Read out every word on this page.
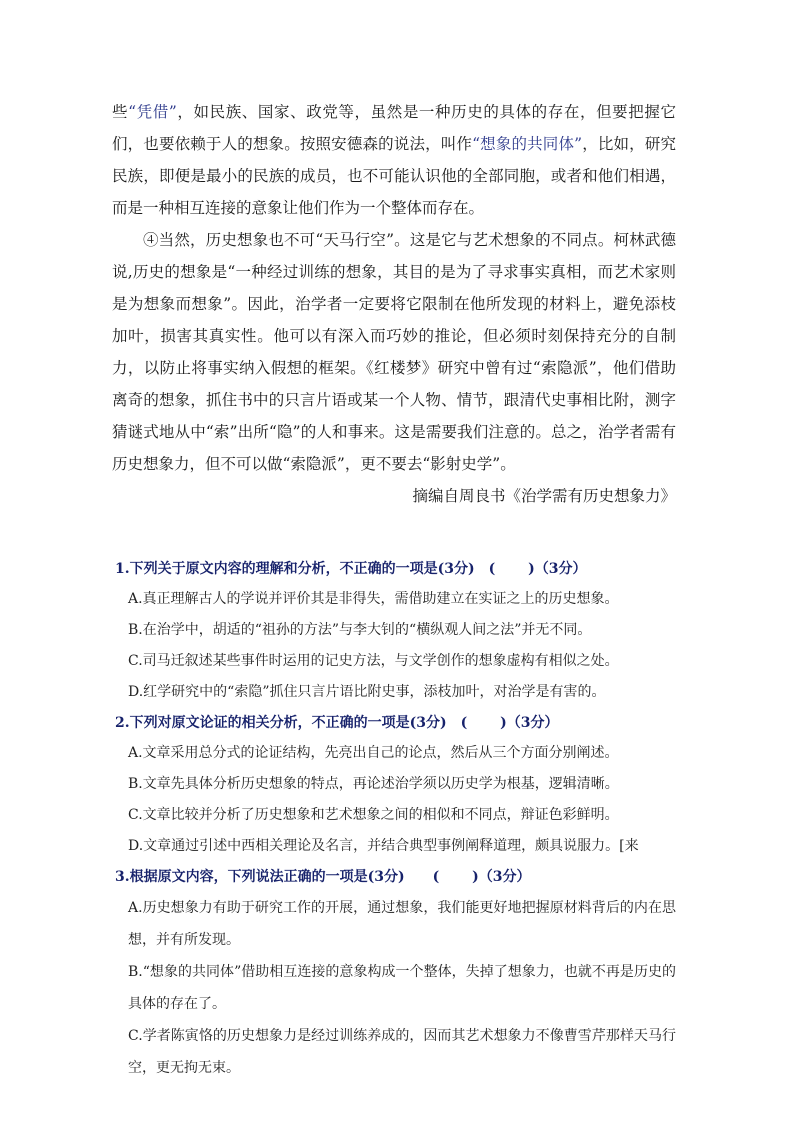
些“凭借”，如民族、国家、政党等，虽然是一种历史的具体的存在，但要把握它们，也要依赖于人的想象。按照安德森的说法，叫作“想象的共同体”，比如，研究民族，即便是最小的民族的成员，也不可能认识他的全部同胞，或者和他们相遇，而是一种相互连接的意象让他们作为一个整体而存在。

④当然，历史想象也不可“天马行空”。这是它与艺术想象的不同点。柯林武德说,历史的想象是“一种经过训练的想象，其目的是为了寻求事实真相，而艺术家则是为想象而想象”。因此，治学者一定要将它限制在他所发现的材料上，避免添枝加叶，损害其真实性。他可以有深入而巧妙的推论，但必须时刻保持充分的自制力，以防止将事实纳入假想的框架。《红楼梦》研究中曾有过“索隐派”，他们借助离奇的想象，抓住书中的只言片语或某一个人物、情节，跟清代史事相比附，测字猜谜式地从中“索”出所“隐”的人和事来。这是需要我们注意的。总之，治学者需有历史想象力，但不可以做“索隐派”，更不要去“影射史学”。

摘编自周良书《治学需有历史想象力》

1.下列关于原文内容的理解和分析，不正确的一项是(3分)　(　　 )（3分）

A.真正理解古人的学说并评价其是非得失，需借助建立在实证之上的历史想象。

B.在治学中，胡适的“祖孙的方法”与李大钊的“横纵观人间之法”并无不同。

C.司马迁叙述某些事件时运用的记史方法，与文学创作的想象虚构有相似之处。

D.红学研究中的“索隐”抓住只言片语比附史事，添枝加叶，对治学是有害的。

2.下列对原文论证的相关分析，不正确的一项是(3分)　(　　 )（3分）

A.文章采用总分式的论证结构，先亮出自己的论点，然后从三个方面分别阐述。

B.文章先具体分析历史想象的特点，再论述治学须以历史学为根基，逻辑清晰。

C.文章比较并分析了历史想象和艺术想象之间的相似和不同点，辩证色彩鲜明。

D.文章通过引述中西相关理论及名言，并结合典型事例阐释道理，颇具说服力。[来

3.根据原文内容，下列说法正确的一项是(3分)　　(　　 )（3分）

A.历史想象力有助于研究工作的开展，通过想象，我们能更好地把握原材料背后的内在思想，并有所发现。

B.“想象的共同体”借助相互连接的意象构成一个整体，失掉了想象力，也就不再是历史的具体的存在了。

C.学者陈寅恪的历史想象力是经过训练养成的，因而其艺术想象力不像曹雪芹那样天马行空，更无拘无束。
